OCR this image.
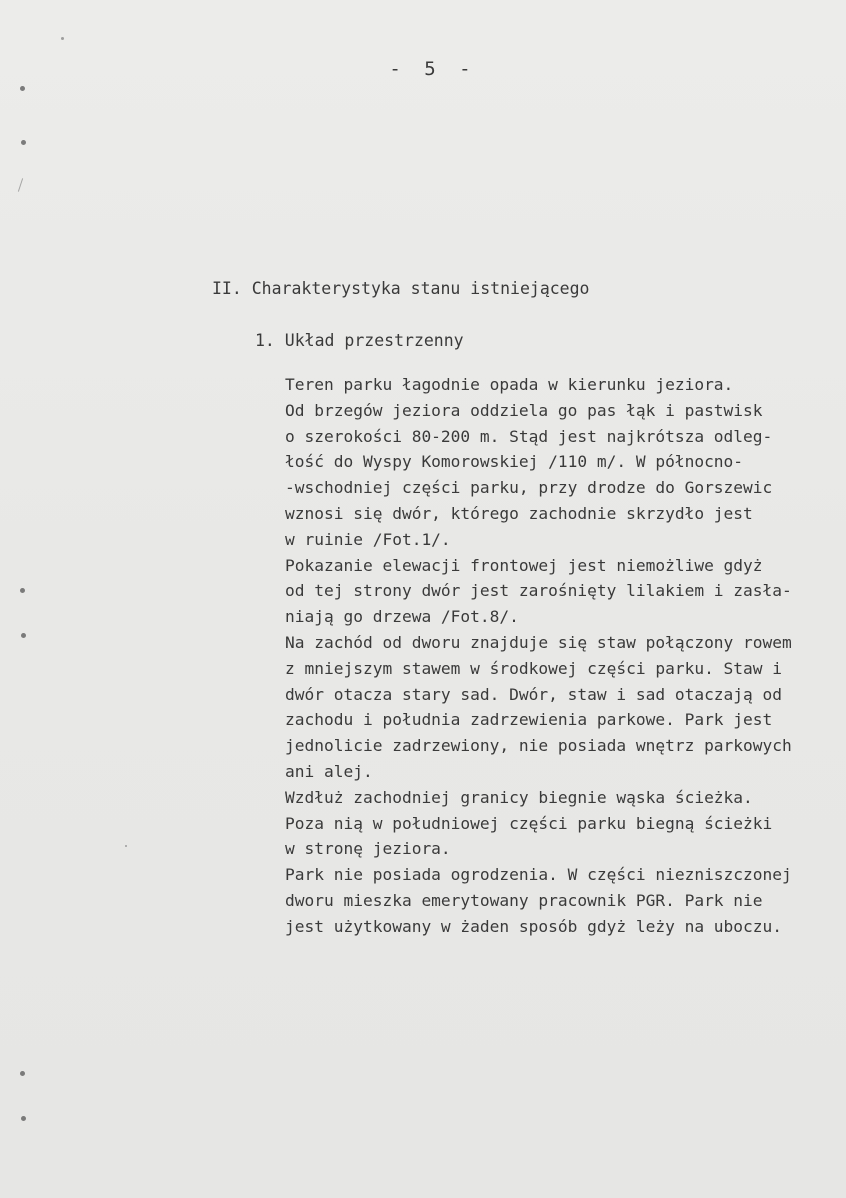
- 5 -
II. Charakterystyka stanu istniejącego
1. Układ przestrzenny
Teren parku łagodnie opada w kierunku jeziora.
Od brzegów jeziora oddziela go pas łąk i pastwisk
o szerokości 80-200 m. Stąd jest najkrótsza odleg-
łość do Wyspy Komorowskiej /110 m/. W północno-
-wschodniej części parku, przy drodze do Gorszewic
wznosi się dwór, którego zachodnie skrzydło jest
w ruinie /Fot.1/.
Pokazanie elewacji frontowej jest niemożliwe gdyż
od tej strony dwór jest zarośnięty lilakiem i zasła-
niają go drzewa /Fot.8/.
Na zachód od dworu znajduje się staw połączony rowem
z mniejszym stawem w środkowej części parku. Staw i
dwór otacza stary sad. Dwór, staw i sad otaczają od
zachodu i południa zadrzewienia parkowe. Park jest
jednolicie zadrzewiony, nie posiada wnętrz parkowych
ani alej.
Wzdłuż zachodniej granicy biegnie wąska ścieżka.
Poza nią w południowej części parku biegną ścieżki
w stronę jeziora.
Park nie posiada ogrodzenia. W części niezniszczonej
dworu mieszka emerytowany pracownik PGR. Park nie
jest użytkowany w żaden sposób gdyż leży na uboczu.
